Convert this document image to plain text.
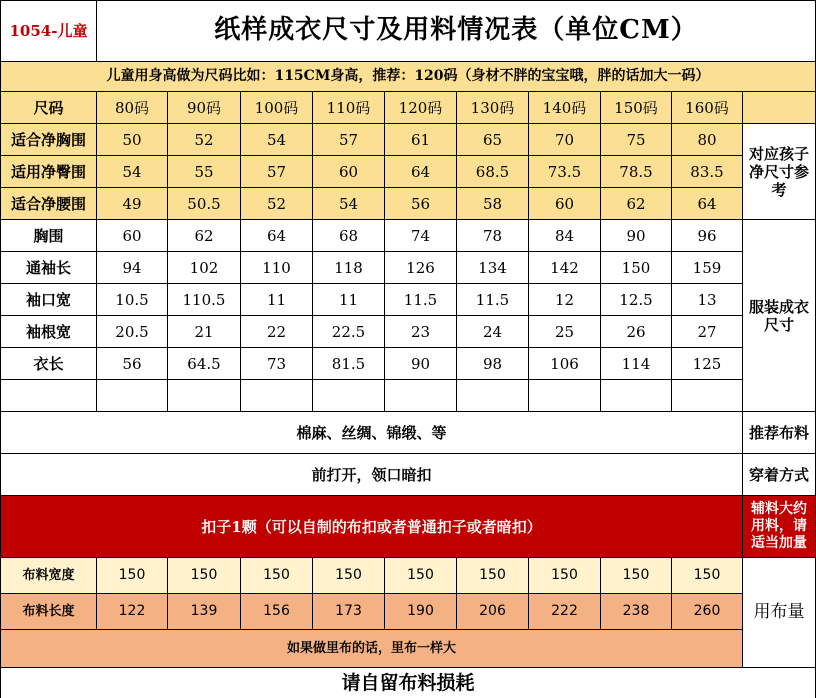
1054-儿童	纸样成衣尺寸及用料情况表（单位CM）
儿童用身高做为尺码比如：115CM身高，推荐：120码（身材不胖的宝宝哦，胖的话加大一码）
尺码	80码	90码	100码	110码	120码	130码	140码	150码	160码
适合净胸围	50	52	54	57	61	65	70	75	80
适用净臀围	54	55	57	60	64	68.5	73.5	78.5	83.5
适合净腰围	49	50.5	52	54	56	58	60	62	64
对应孩子净尺寸参考
胸围	60	62	64	68	74	78	84	90	96
通袖长	94	102	110	118	126	134	142	150	159
袖口宽	10.5	110.5	11	11	11.5	11.5	12	12.5	13
袖根宽	20.5	21	22	22.5	23	24	25	26	27
衣长	56	64.5	73	81.5	90	98	106	114	125
服装成衣尺寸
棉麻、丝绸、锦缎、等	推荐布料
前打开，领口暗扣	穿着方式
扣子1颗（可以自制的布扣或者普通扣子或者暗扣）
辅料大约用料，请适当加量
布料宽度	150	150	150	150	150	150	150	150	150
布料长度	122	139	156	173	190	206	222	238	260	用布量
如果做里布的话，里布一样大
请自留布料损耗
